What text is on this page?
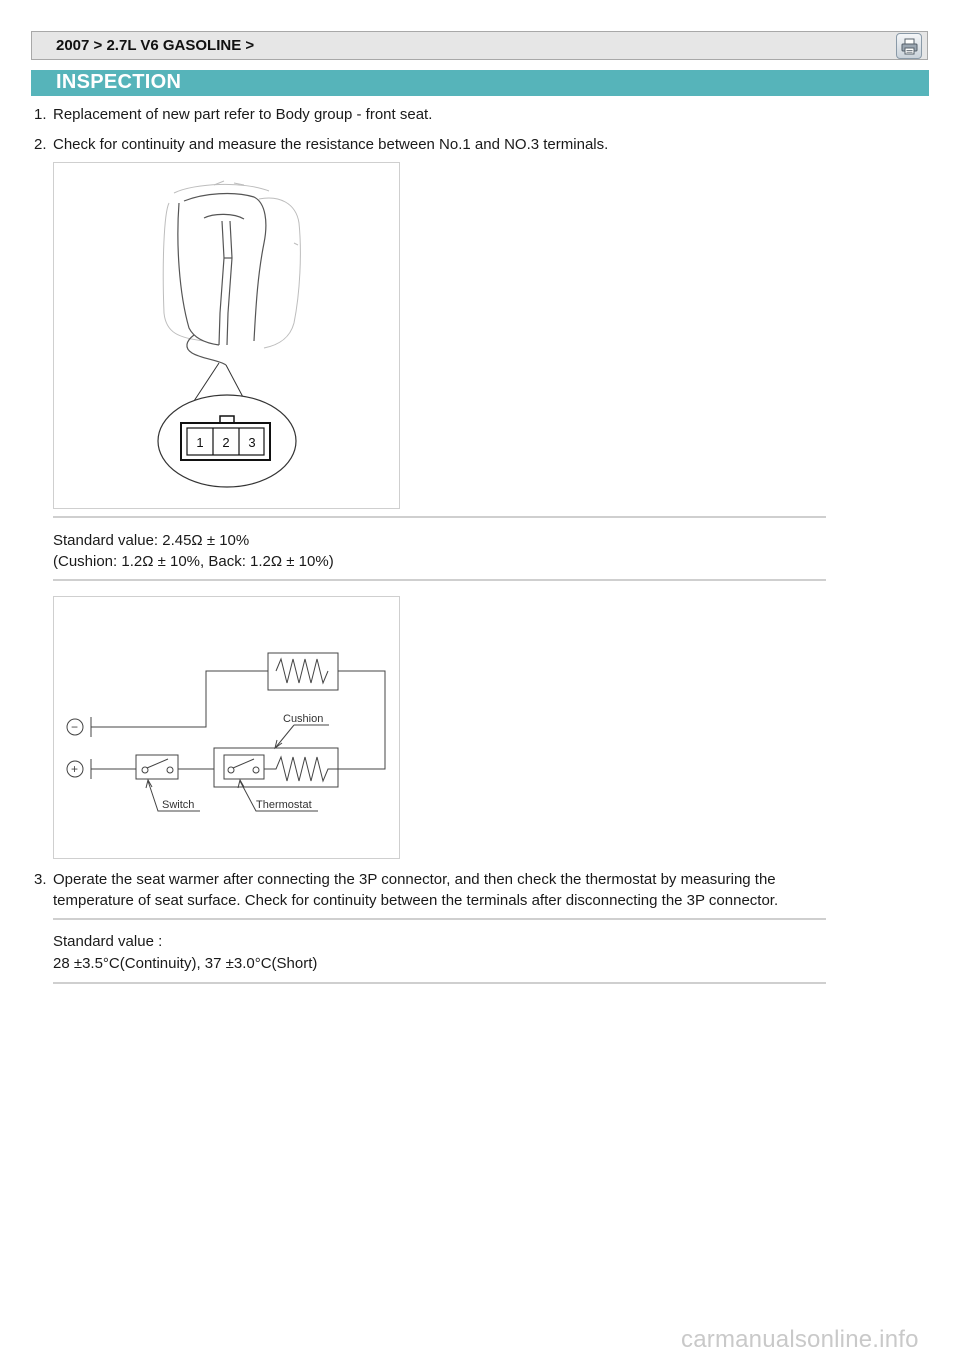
2007 > 2.7L V6 GASOLINE >
INSPECTION
1. Replacement of new part refer to Body group - front seat.
2. Check for continuity and measure the resistance between No.1 and NO.3 terminals.
1 2 3
Standard value: 2.45Ω ± 10%
(Cushion: 1.2Ω ± 10%, Back: 1.2Ω ± 10%)
−
+
Cushion
Switch	Thermostat
3. Operate the seat warmer after connecting the 3P connector, and then check the thermostat by measuring the
temperature of seat surface. Check for continuity between the terminals after disconnecting the 3P connector.
Standard value :
28 ±3.5°C(Continuity), 37 ±3.0°C(Short)
carmanualsonline.info
